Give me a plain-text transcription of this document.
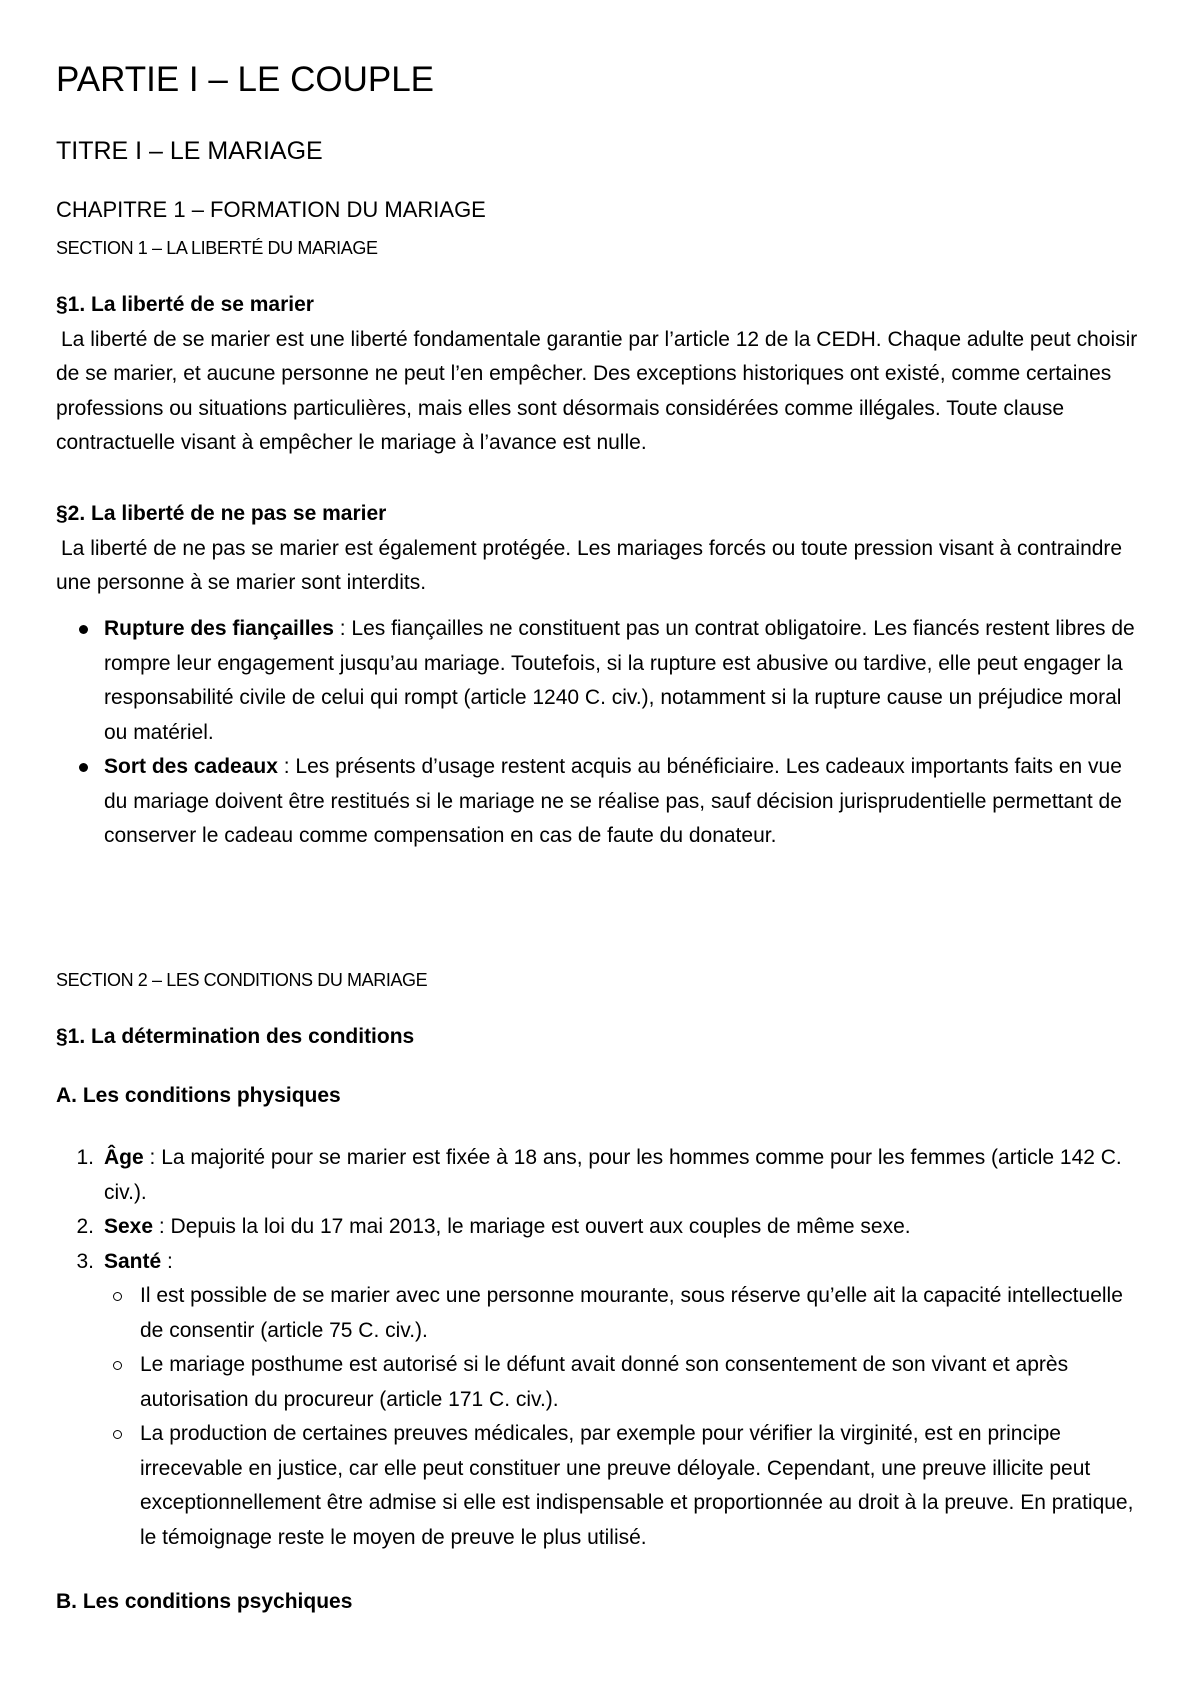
PARTIE I – LE COUPLE
TITRE I – LE MARIAGE
CHAPITRE 1 – FORMATION DU MARIAGE
SECTION 1 – LA LIBERTÉ DU MARIAGE
§1. La liberté de se marier
La liberté de se marier est une liberté fondamentale garantie par l’article 12 de la CEDH. Chaque adulte peut choisir de se marier, et aucune personne ne peut l’en empêcher. Des exceptions historiques ont existé, comme certaines professions ou situations particulières, mais elles sont désormais considérées comme illégales. Toute clause contractuelle visant à empêcher le mariage à l’avance est nulle.
§2. La liberté de ne pas se marier
La liberté de ne pas se marier est également protégée. Les mariages forcés ou toute pression visant à contraindre une personne à se marier sont interdits.
Rupture des fiançailles : Les fiançailles ne constituent pas un contrat obligatoire. Les fiancés restent libres de rompre leur engagement jusqu’au mariage. Toutefois, si la rupture est abusive ou tardive, elle peut engager la responsabilité civile de celui qui rompt (article 1240 C. civ.), notamment si la rupture cause un préjudice moral ou matériel.
Sort des cadeaux : Les présents d’usage restent acquis au bénéficiaire. Les cadeaux importants faits en vue du mariage doivent être restitués si le mariage ne se réalise pas, sauf décision jurisprudentielle permettant de conserver le cadeau comme compensation en cas de faute du donateur.
SECTION 2 – LES CONDITIONS DU MARIAGE
§1. La détermination des conditions
A. Les conditions physiques
1. Âge : La majorité pour se marier est fixée à 18 ans, pour les hommes comme pour les femmes (article 142 C. civ.).
2. Sexe : Depuis la loi du 17 mai 2013, le mariage est ouvert aux couples de même sexe.
3. Santé :
Il est possible de se marier avec une personne mourante, sous réserve qu’elle ait la capacité intellectuelle de consentir (article 75 C. civ.).
Le mariage posthume est autorisé si le défunt avait donné son consentement de son vivant et après autorisation du procureur (article 171 C. civ.).
La production de certaines preuves médicales, par exemple pour vérifier la virginité, est en principe irrecevable en justice, car elle peut constituer une preuve déloyale. Cependant, une preuve illicite peut exceptionnellement être admise si elle est indispensable et proportionnée au droit à la preuve. En pratique, le témoignage reste le moyen de preuve le plus utilisé.
B. Les conditions psychiques
